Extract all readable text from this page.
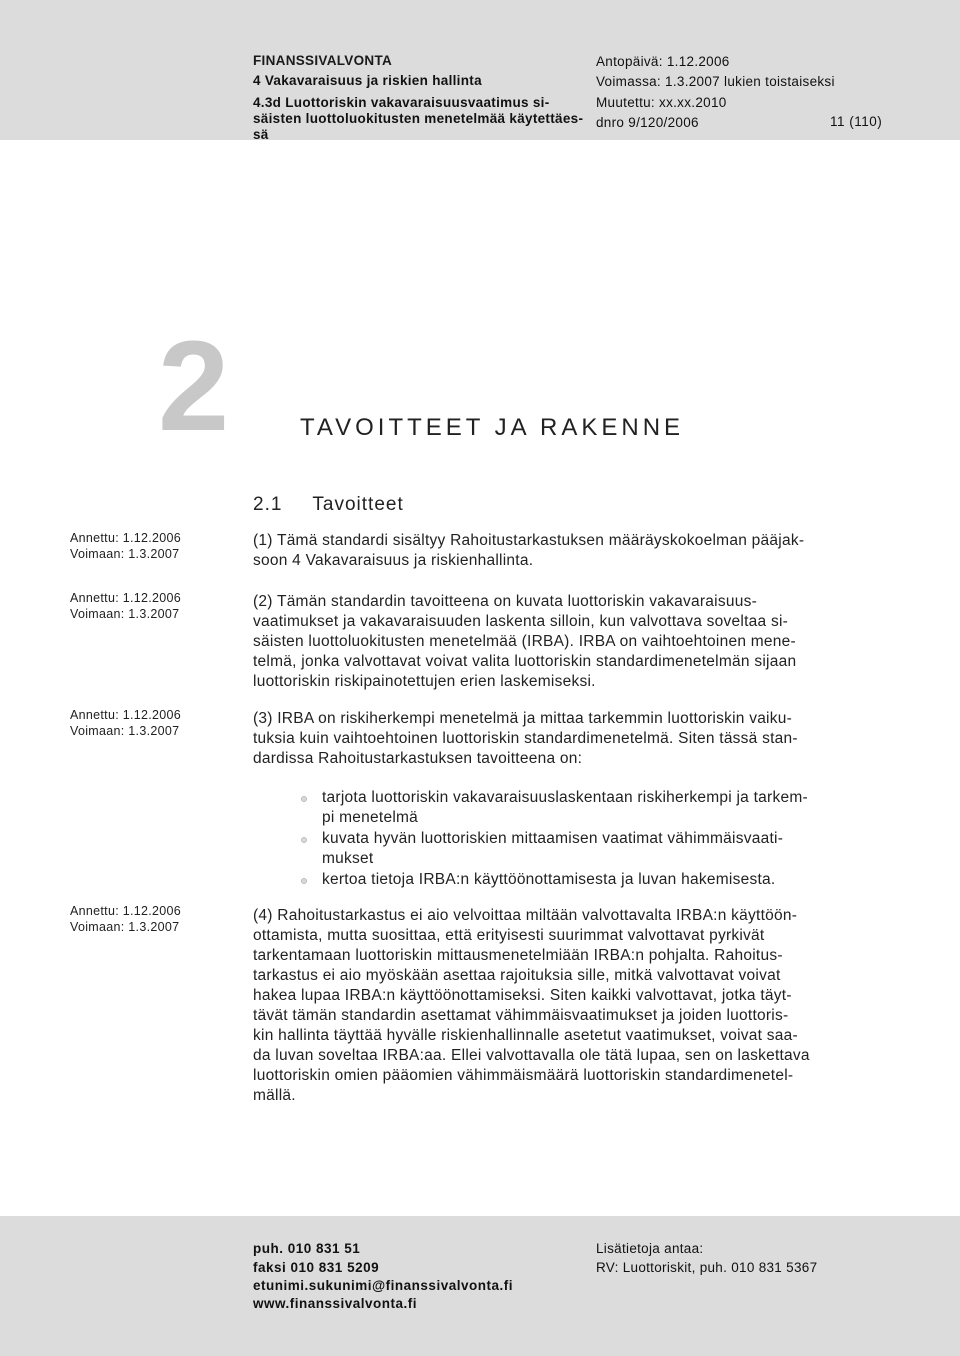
FINANSSIVALVONTA
4 Vakavaraisuus ja riskien hallinta
4.3d Luottoriskin vakavaraisuusvaatimus si-
säisten luottoluokitusten menetelmää käytettäes-
sä
Antopäivä: 1.12.2006
Voimassa: 1.3.2007 lukien toistaiseksi
Muutettu: xx.xx.2010
dnro 9/120/2006	11 (110)
2	TAVOITTEET JA RAKENNE
2.1 Tavoitteet
Annettu: 1.12.2006
Voimaan: 1.3.2007
Annettu: 1.12.2006
Voimaan: 1.3.2007
Annettu: 1.12.2006
Voimaan: 1.3.2007
Annettu: 1.12.2006
Voimaan: 1.3.2007
(1) Tämä standardi sisältyy Rahoitustarkastuksen määräyskokoelman pääjak-
soon 4 Vakavaraisuus ja riskienhallinta.
(2) Tämän standardin tavoitteena on kuvata luottoriskin vakavaraisuus-
vaatimukset ja vakavaraisuuden laskenta silloin, kun valvottava soveltaa si-
säisten luottoluokitusten menetelmää (IRBA). IRBA on vaihtoehtoinen mene-
telmä, jonka valvottavat voivat valita luottoriskin standardimenetelmän sijaan
luottoriskin riskipainotettujen erien laskemiseksi.
(3) IRBA on riskiherkempi menetelmä ja mittaa tarkemmin luottoriskin vaiku-
tuksia kuin vaihtoehtoinen luottoriskin standardimenetelmä. Siten tässä stan-
dardissa Rahoitustarkastuksen tavoitteena on:
tarjota luottoriskin vakavaraisuuslaskentaan riskiherkempi ja tarkem-
pi menetelmä
kuvata hyvän luottoriskien mittaamisen vaatimat vähimmäisvaati-
mukset
kertoa tietoja IRBA:n käyttöönottamisesta ja luvan hakemisesta.
(4) Rahoitustarkastus ei aio velvoittaa miltään valvottavalta IRBA:n käyttöön-
ottamista, mutta suosittaa, että erityisesti suurimmat valvottavat pyrkivät
tarkentamaan luottoriskin mittausmenetelmiään IRBA:n pohjalta. Rahoitus-
tarkastus ei aio myöskään asettaa rajoituksia sille, mitkä valvottavat voivat
hakea lupaa IRBA:n käyttöönottamiseksi. Siten kaikki valvottavat, jotka täyt-
tävät tämän standardin asettamat vähimmäisvaatimukset ja joiden luottoris-
kin hallinta täyttää hyvälle riskienhallinnalle asetetut vaatimukset, voivat saa-
da luvan soveltaa IRBA:aa. Ellei valvottavalla ole tätä lupaa, sen on laskettava
luottoriskin omien pääomien vähimmäismäärä luottoriskin standardimenetel-
mällä.
puh. 010 831 51
faksi 010 831 5209
etunimi.sukunimi@finanssivalvonta.fi
www.finanssivalvonta.fi
Lisätietoja antaa:
RV: Luottoriskit, puh. 010 831 5367
